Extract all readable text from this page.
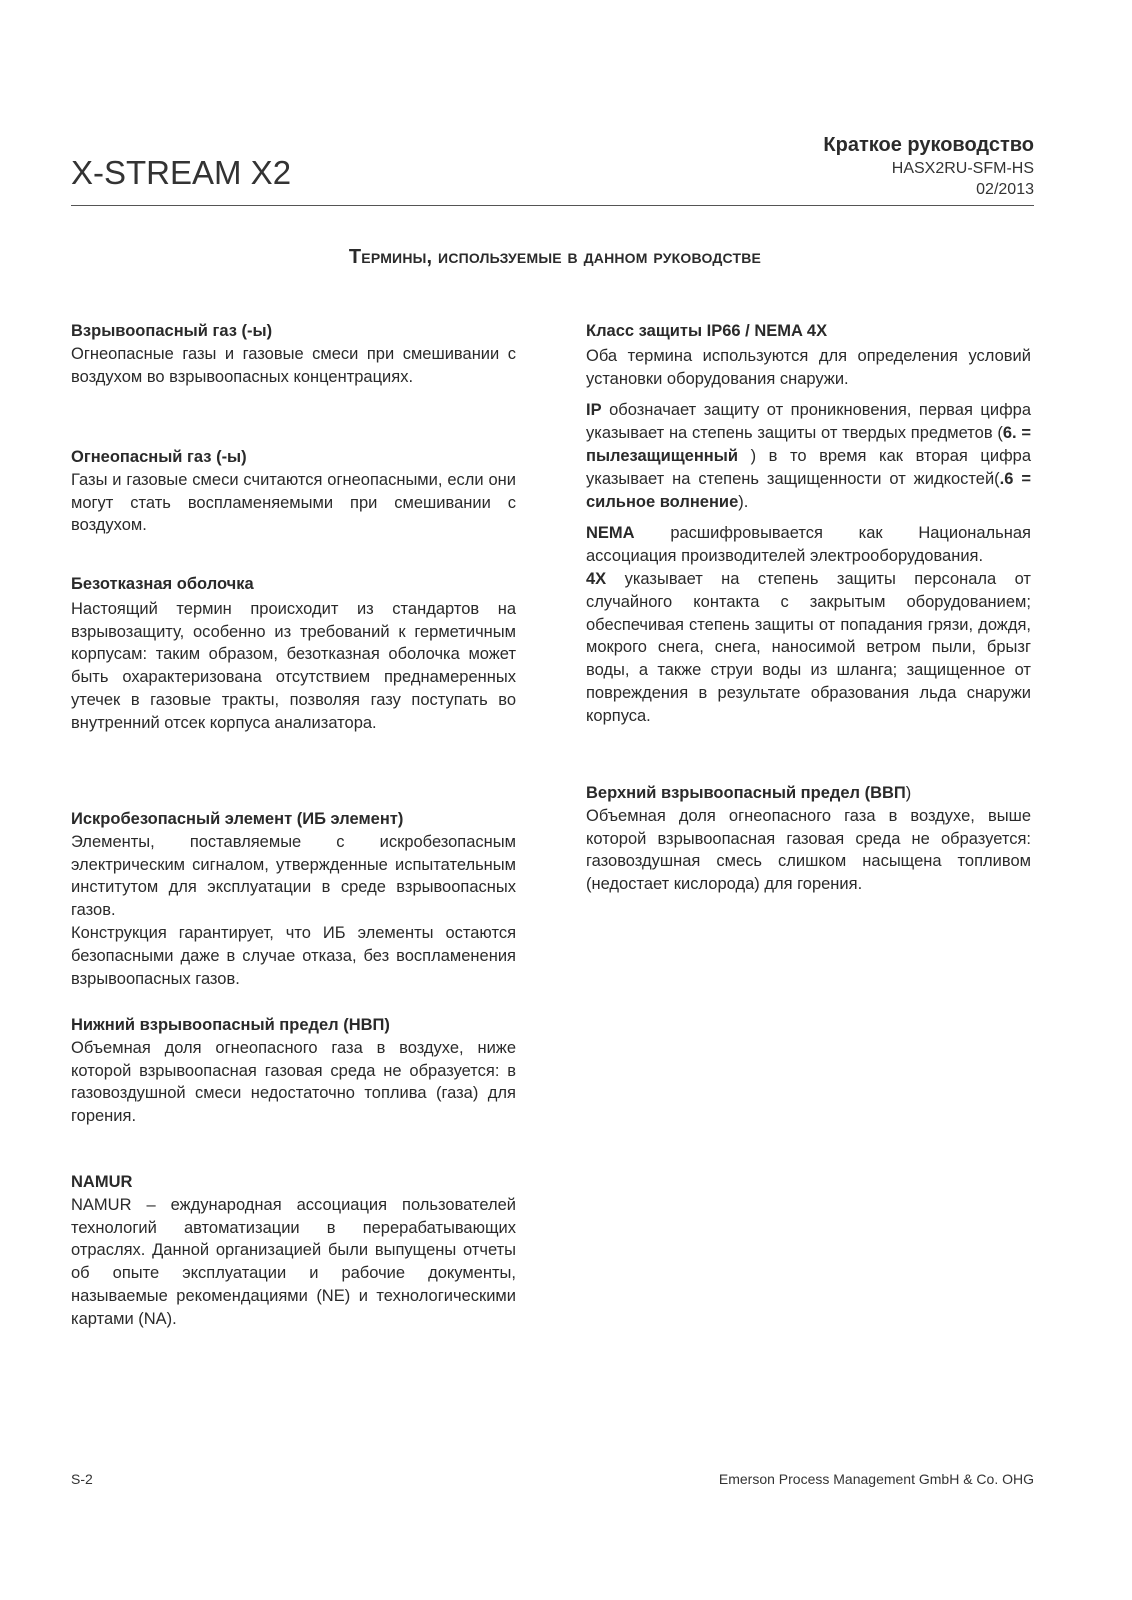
X-STREAM X2
Краткое руководство
HASX2RU-SFM-HS
02/2013
Термины, используемые в данном руководстве
Взрывоопасный газ (-ы)

Огнеопасные газы и газовые смеси при смешивании с воздухом во взрывоопасных концентрациях.

Огнеопасный газ (-ы)

Газы и газовые смеси считаются огнеопасными, если они могут стать воспламеняемыми при смешивании с воздухом.

Безотказная оболочка

Настоящий термин происходит из стандартов на взрывозащиту, особенно из требований к герметичным корпусам: таким образом, безотказная оболочка может быть охарактеризована отсутствием преднамеренных утечек в газовые тракты, позволяя газу поступать во внутренний отсек корпуса анализатора.

Искробезопасный элемент (ИБ элемент)

Элементы, поставляемые с искробезопасным электрическим сигналом, утвержденные испытательным институтом для эксплуатации в среде взрывоопасных газов.

Конструкция гарантирует, что ИБ элементы остаются безопасными даже в случае отказа, без воспламенения взрывоопасных газов.

Нижний взрывоопасный предел (НВП)

Объемная доля огнеопасного газа в воздухе, ниже которой взрывоопасная газовая среда не образуется: в газовоздушной смеси недостаточно топлива (газа) для горения.

NAMUR

NAMUR – еждународная ассоциация пользователей технологий автоматизации в перерабатывающих отраслях. Данной организацией были выпущены отчеты об опыте эксплуатации и рабочие документы, называемые рекомендациями (NE) и технологическими картами (NA).

Класс защиты IP66 / NEMA 4X

Оба термина используются для определения условий установки оборудования снаружи.

IP обозначает защиту от проникновения, первая цифра указывает на степень защиты от твердых предметов (6. = пылезащищенный ) в то время как вторая цифра указывает на степень защищенности от жидкостей(.6 = сильное волнение).

NEMA расшифровывается как Национальная ассоциация производителей электрооборудования.
4X указывает на степень защиты персонала от случайного контакта с закрытым оборудованием; обеспечивая степень защиты от попадания грязи, дождя, мокрого снега, снега, наносимой ветром пыли, брызг воды, а также струи воды из шланга; защищенное от повреждения в результате образования льда снаружи корпуса.

Верхний взрывоопасный предел (ВВП)

Объемная доля огнеопасного газа в воздухе, выше которой взрывоопасная газовая среда не образуется: газовоздушная смесь слишком насыщена топливом (недостает кислорода) для горения.

S-2	Emerson Process Management GmbH & Co. OHG
